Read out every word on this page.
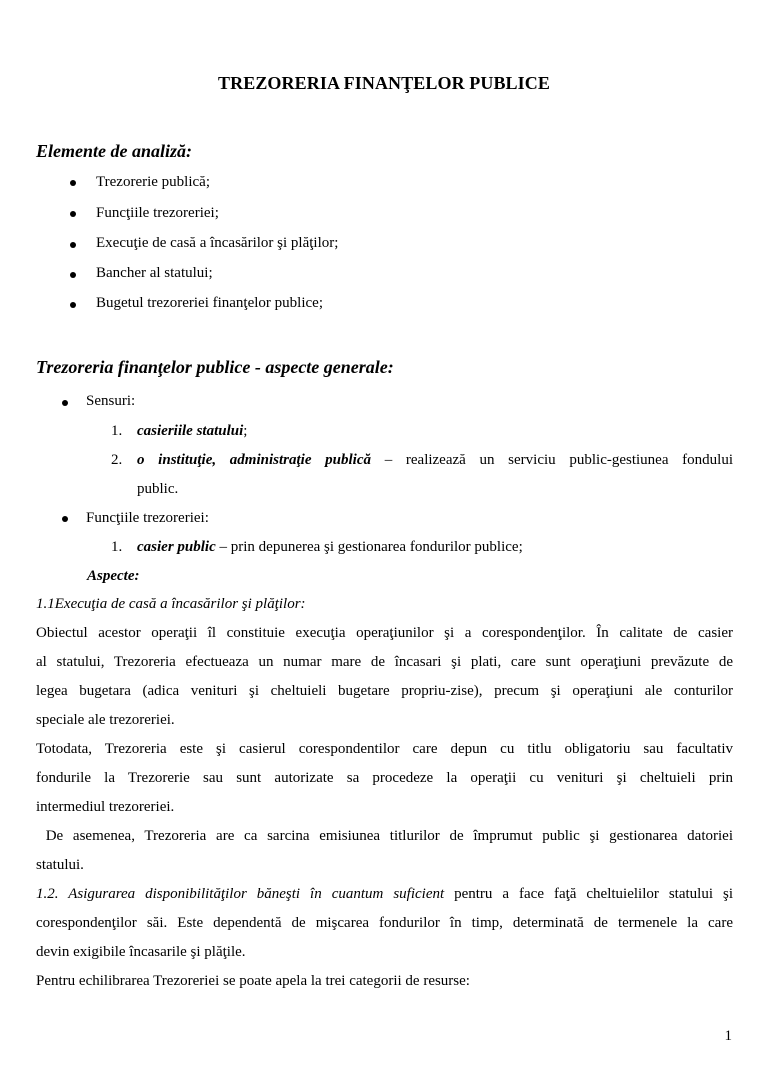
TREZORERIA FINANŢELOR PUBLICE
Elemente de analiză:
Trezorerie publică;
Funcţiile trezoreriei;
Execuţie de casă a încasărilor şi plăţilor;
Bancher al statului;
Bugetul trezoreriei finanţelor publice;
Trezoreria finanţelor publice - aspecte generale:
Sensuri:
1. casieriile statului;
2. o instituţie, administraţie publică – realizează un serviciu public-gestiunea fondului
public.
Funcţiile trezoreriei:
1. casier public – prin depunerea şi gestionarea fondurilor publice;
Aspecte:
1.1Execuţia de casă a încasărilor şi plăţilor:
Obiectul acestor operaţii îl constituie execuţia operaţiunilor şi a corespondenţilor. În calitate de casier
al statului, Trezoreria efectueaza un numar mare de încasari şi plati, care sunt operaţiuni prevăzute de
legea bugetara (adica venituri şi cheltuieli bugetare propriu-zise), precum şi operaţiuni ale conturilor
speciale ale trezoreriei.
Totodata, Trezoreria este şi casierul corespondentilor care depun cu titlu obligatoriu sau facultativ
fondurile la Trezorerie sau sunt autorizate sa procedeze la operaţii cu venituri şi cheltuieli prin
intermediul trezoreriei.
De asemenea, Trezoreria are ca sarcina emisiunea titlurilor de împrumut public şi gestionarea datoriei
statului.
1.2. Asigurarea disponibilităţilor băneşti în cuantum suficient pentru a face faţă cheltuielilor statului şi
corespondenţilor săi. Este dependentă de mişcarea fondurilor în timp, determinată de termenele la care
devin exigibile încasarile şi plăţile.
Pentru echilibrarea Trezoreriei se poate apela la trei categorii de resurse:
1
